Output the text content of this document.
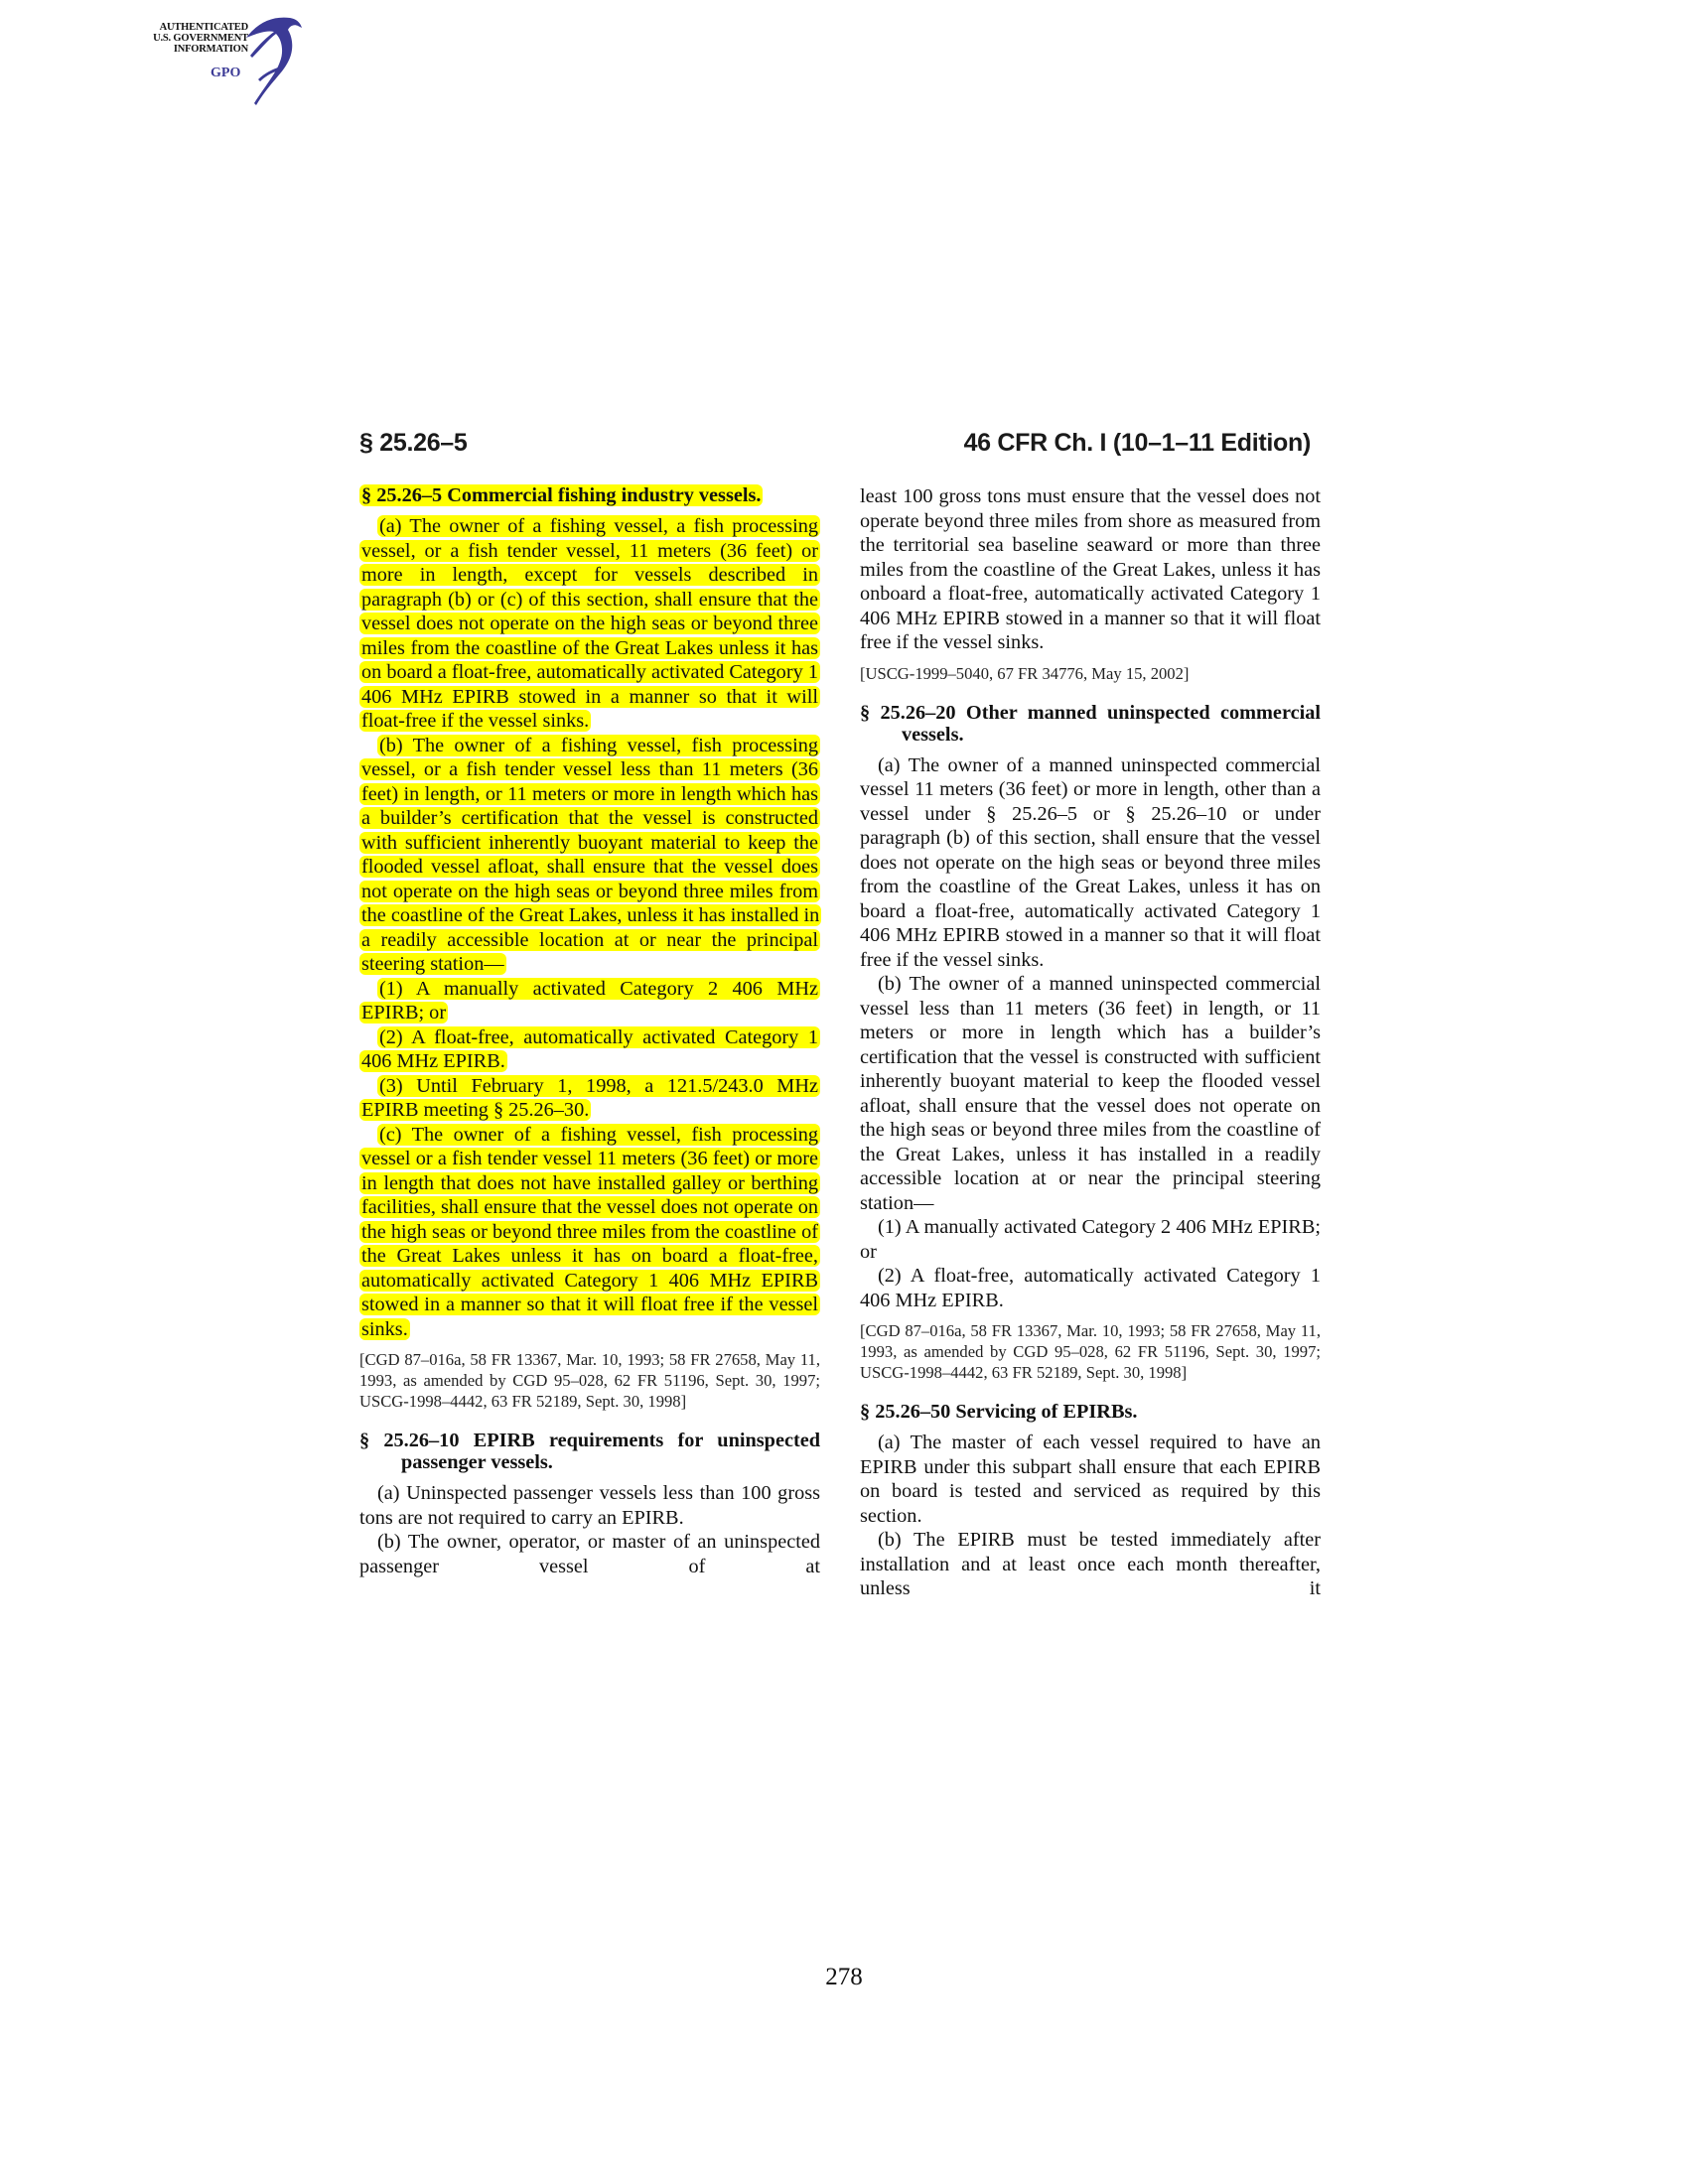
AUTHENTICATED
U.S. GOVERNMENT
INFORMATION
GPO
§ 25.26–5	46 CFR Ch. I (10–1–11 Edition)
§ 25.26–5 Commercial fishing industry vessels.

(a) The owner of a fishing vessel, a fish processing vessel, or a fish tender vessel, 11 meters (36 feet) or more in length, except for vessels described in paragraph (b) or (c) of this section, shall ensure that the vessel does not operate on the high seas or beyond three miles from the coastline of the Great Lakes unless it has on board a float-free, automatically activated Category 1 406 MHz EPIRB stowed in a manner so that it will float-free if the vessel sinks.

(b) The owner of a fishing vessel, fish processing vessel, or a fish tender vessel less than 11 meters (36 feet) in length, or 11 meters or more in length which has a builder’s certification that the vessel is constructed with sufficient inherently buoyant material to keep the flooded vessel afloat, shall ensure that the vessel does not operate on the high seas or beyond three miles from the coastline of the Great Lakes, unless it has installed in a readily accessible location at or near the principal steering station—

(1) A manually activated Category 2 406 MHz EPIRB; or

(2) A float-free, automatically activated Category 1 406 MHz EPIRB.

(3) Until February 1, 1998, a 121.5/243.0 MHz EPIRB meeting § 25.26–30.

(c) The owner of a fishing vessel, fish processing vessel or a fish tender vessel 11 meters (36 feet) or more in length that does not have installed galley or berthing facilities, shall ensure that the vessel does not operate on the high seas or beyond three miles from the coastline of the Great Lakes unless it has on board a float-free, automatically activated Category 1 406 MHz EPIRB stowed in a manner so that it will float free if the vessel sinks.

[CGD 87–016a, 58 FR 13367, Mar. 10, 1993; 58 FR 27658, May 11, 1993, as amended by CGD 95–028, 62 FR 51196, Sept. 30, 1997; USCG-1998–4442, 63 FR 52189, Sept. 30, 1998]

§ 25.26–10 EPIRB requirements for uninspected passenger vessels.

(a) Uninspected passenger vessels less than 100 gross tons are not required to carry an EPIRB.

(b) The owner, operator, or master of an uninspected passenger vessel of at

least 100 gross tons must ensure that the vessel does not operate beyond three miles from shore as measured from the territorial sea baseline seaward or more than three miles from the coastline of the Great Lakes, unless it has onboard a float-free, automatically activated Category 1 406 MHz EPIRB stowed in a manner so that it will float free if the vessel sinks.

[USCG-1999–5040, 67 FR 34776, May 15, 2002]

§ 25.26–20 Other manned uninspected commercial vessels.

(a) The owner of a manned uninspected commercial vessel 11 meters (36 feet) or more in length, other than a vessel under § 25.26–5 or § 25.26–10 or under paragraph (b) of this section, shall ensure that the vessel does not operate on the high seas or beyond three miles from the coastline of the Great Lakes, unless it has on board a float-free, automatically activated Category 1 406 MHz EPIRB stowed in a manner so that it will float free if the vessel sinks.

(b) The owner of a manned uninspected commercial vessel less than 11 meters (36 feet) in length, or 11 meters or more in length which has a builder’s certification that the vessel is constructed with sufficient inherently buoyant material to keep the flooded vessel afloat, shall ensure that the vessel does not operate on the high seas or beyond three miles from the coastline of the Great Lakes, unless it has installed in a readily accessible location at or near the principal steering station—

(1) A manually activated Category 2 406 MHz EPIRB; or

(2) A float-free, automatically activated Category 1 406 MHz EPIRB.

[CGD 87–016a, 58 FR 13367, Mar. 10, 1993; 58 FR 27658, May 11, 1993, as amended by CGD 95–028, 62 FR 51196, Sept. 30, 1997; USCG-1998–4442, 63 FR 52189, Sept. 30, 1998]

§ 25.26–50 Servicing of EPIRBs.

(a) The master of each vessel required to have an EPIRB under this subpart shall ensure that each EPIRB on board is tested and serviced as required by this section.

(b) The EPIRB must be tested immediately after installation and at least once each month thereafter, unless it

278
